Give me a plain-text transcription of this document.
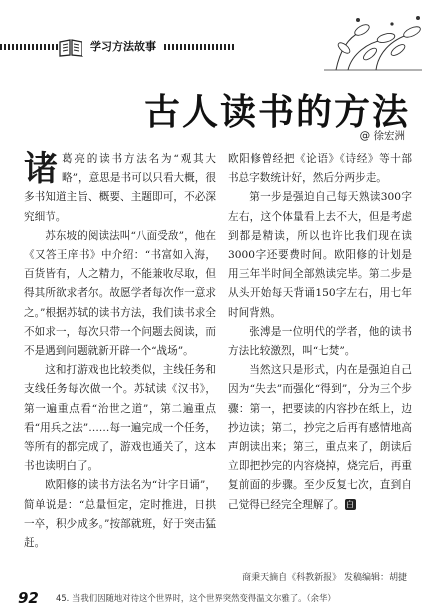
学习方法故事
古人读书的方法
@ 徐宏洲

诸葛亮的读书方法名为“观其大略”，意思是书可以只看大概，很多书知道主旨、概要、主题即可，不必深究细节。

苏东坡的阅读法叫“八面受敌”，他在《又答王庠书》中介绍：“书富如入海，百货皆有，人之精力，不能兼收尽取，但得其所欲求者尔。故愿学者每次作一意求之。”根据苏轼的读书方法，我们读书求全不如求一，每次只带一个问题去阅读，而不是遇到问题就新开辟一个“战场”。

这和打游戏也比较类似，主线任务和支线任务每次做一个。苏轼读《汉书》，第一遍重点看“治世之道”，第二遍重点看“用兵之法”……每一遍完成一个任务，等所有的都完成了，游戏也通关了，这本书也读明白了。

欧阳修的读书方法名为“计字日诵”，简单说是：“总量恒定，定时推进，日拱一卒，积少成多。”按部就班，好于突击猛赶。

欧阳修曾经把《论语》《诗经》等十部书总字数统计好，然后分两步走。

第一步是强迫自己每天熟读300字左右，这个体量看上去不大，但是考虑到都是精读，所以也许比我们现在读3000字还要费时间。欧阳修的计划是用三年半时间全部熟读完毕。第二步是从头开始每天背诵150字左右，用七年时间背熟。

张溥是一位明代的学者，他的读书方法比较激烈，叫“七焚”。

当然这只是形式，内在是强迫自己因为“失去”而强化“得到”，分为三个步骤：第一，把要读的内容抄在纸上，边抄边读；第二，抄完之后再有感情地高声朗读出来；第三，重点来了，朗读后立即把抄完的内容烧掉，烧完后，再重复前面的步骤。至少反复七次，直到自己觉得已经完全理解了。 白

商秉天摘自《科教新报》 发稿编辑：胡捷
92 45. 当我们因随地对待这个世界时，这个世界突然变得温文尔雅了。（余华）
